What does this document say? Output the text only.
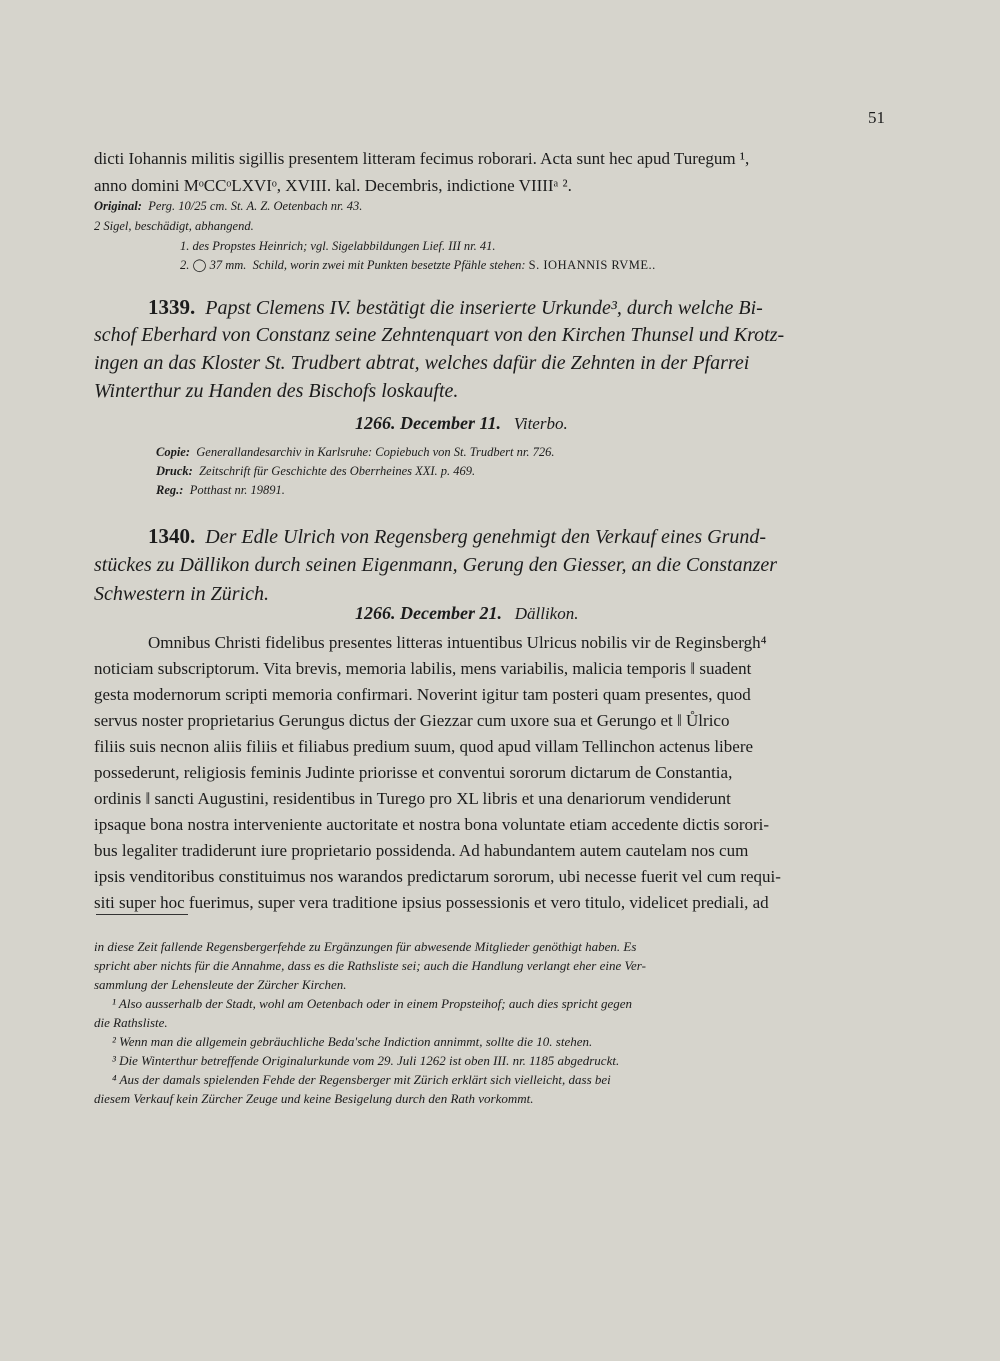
51
dicti Iohannis militis sigillis presentem litteram fecimus roborari. Acta sunt hec apud Turegum ¹,
anno domini MᵒCCᵒLXVIᵒ, XVIII. kal. Decembris, indictione VIIIIᵃ ².
Original: Perg. 10/25 cm. St. A. Z. Oetenbach nr. 43.
2 Sigel, beschädigt, abhangend.
1. des Propstes Heinrich; vgl. Sigelabbildungen Lief. III nr. 41.
2. ◯ 37 mm. Schild, worin zwei mit Punkten besetzte Pfähle stehen: S. IOHANNIS RVME..
1339. Papst Clemens IV. bestätigt die inserierte Urkunde³, durch welche Bi-
schof Eberhard von Constanz seine Zehntenquart von den Kirchen Thunsel und Krotz-
ingen an das Kloster St. Trudbert abtrat, welches dafür die Zehnten in der Pfarrei
Winterthur zu Handen des Bischofs loskaufte.
1266. December 11. Viterbo.
Copie: Generallandesarchiv in Karlsruhe: Copiebuch von St. Trudbert nr. 726.
Druck: Zeitschrift für Geschichte des Oberrheines XXI. p. 469.
Reg.: Potthast nr. 19891.
1340. Der Edle Ulrich von Regensberg genehmigt den Verkauf eines Grund-
stückes zu Dällikon durch seinen Eigenmann, Gerung den Giesser, an die Constanzer
Schwestern in Zürich.
1266. December 21. Dällikon.
Omnibus Christi fidelibus presentes litteras intuentibus Ulricus nobilis vir de Reginsbergh⁴
noticiam subscriptorum. Vita brevis, memoria labilis, mens variabilis, malicia temporis ‖ suadent
gesta modernorum scripti memoria confirmari. Noverint igitur tam posteri quam presentes, quod
servus noster proprietarius Gerungus dictus der Giezzar cum uxore sua et Gerungo et ‖ Ůlrico
filiis suis necnon aliis filiis et filiabus predium suum, quod apud villam Tellinchon actenus libere
possederunt, religiosis feminis Judinte priorisse et conventui sororum dictarum de Constantia,
ordinis ‖ sancti Augustini, residentibus in Turego pro XL libris et una denariorum vendiderunt
ipsaque bona nostra interveniente auctoritate et nostra bona voluntate etiam accedente dictis sorori-
bus legaliter tradiderunt iure proprietario possidenda. Ad habundantem autem cautelam nos cum
ipsis venditoribus constituimus nos warandos predictarum sororum, ubi necesse fuerit vel cum requi-
siti super hoc fuerimus, super vera traditione ipsius possessionis et vero titulo, videlicet prediali, ad
in diese Zeit fallende Regensbergerfehde zu Ergänzungen für abwesende Mitglieder genöthigt haben. Es
spricht aber nichts für die Annahme, dass es die Rathsliste sei; auch die Handlung verlangt eher eine Ver-
sammlung der Lehensleute der Zürcher Kirchen.
¹ Also ausserhalb der Stadt, wohl am Oetenbach oder in einem Propsteihof; auch dies spricht gegen
die Rathsliste.
² Wenn man die allgemein gebräuchliche Beda'sche Indiction annimmt, sollte die 10. stehen.
³ Die Winterthur betreffende Originalurkunde vom 29. Juli 1262 ist oben III. nr. 1185 abgedruckt.
⁴ Aus der damals spielenden Fehde der Regensberger mit Zürich erklärt sich vielleicht, dass bei
diesem Verkauf kein Zürcher Zeuge und keine Besigelung durch den Rath vorkommt.
